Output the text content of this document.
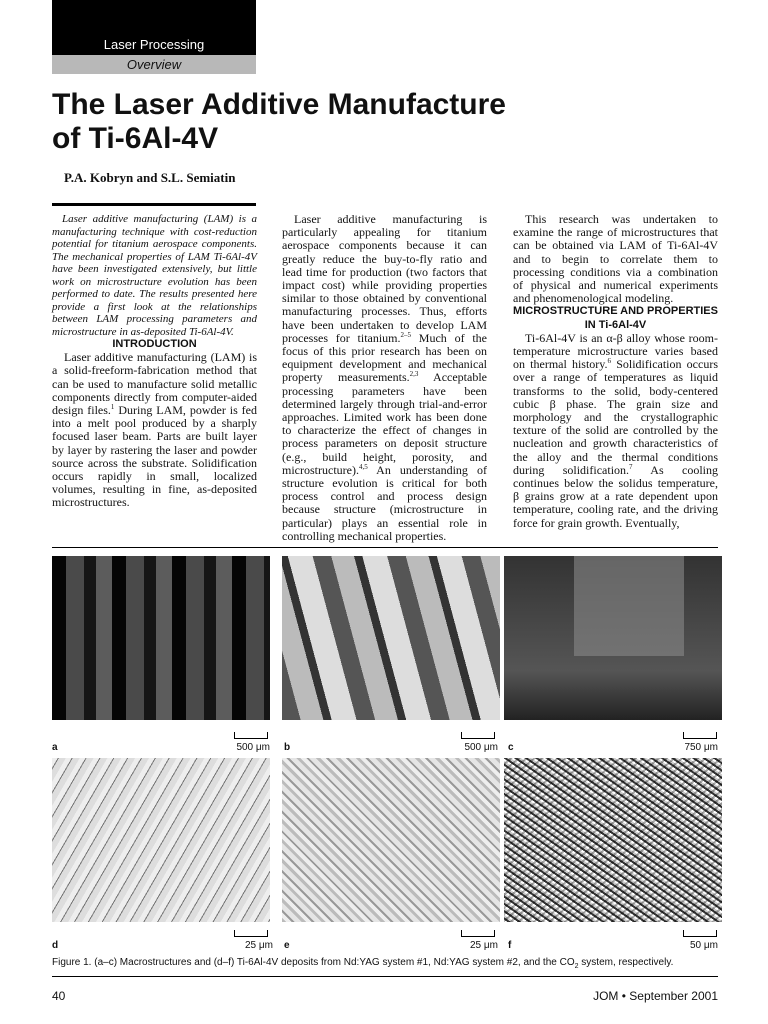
Laser Processing
Overview
The Laser Additive Manufacture
of Ti-6Al-4V
P.A. Kobryn and S.L. Semiatin

Laser additive manufacturing (LAM) is a manufacturing technique with cost-reduction potential for titanium aerospace components. The mechanical properties of LAM Ti-6Al-4V have been investigated extensively, but little work on microstructure evolution has been performed to date. The results presented here provide a first look at the relationships between LAM processing parameters and microstructure in as-deposited Ti-6Al-4V.

INTRODUCTION

Laser additive manufacturing (LAM) is a solid-freeform-fabrication method that can be used to manufacture solid metallic components directly from computer-aided design files.$^1$ During LAM, powder is fed into a melt pool produced by a sharply focused laser beam. Parts are built layer by layer by rastering the laser and powder source across the substrate. Solidification occurs rapidly in small, localized volumes, resulting in fine, as-deposited microstructures.

Laser additive manufacturing is particularly appealing for titanium aerospace components because it can greatly reduce the buy-to-fly ratio and lead time for production (two factors that impact cost) while providing properties similar to those obtained by conventional manufacturing processes. Thus, efforts have been undertaken to develop LAM processes for titanium.$^{2-5}$ Much of the focus of this prior research has been on equipment development and mechanical property measurements.$^{2,3}$ Acceptable processing parameters have been determined largely through trial-and-error approaches. Limited work has been done to characterize the effect of changes in process parameters on deposit structure (e.g., build height, porosity, and microstructure).$^{4,5}$ An understanding of structure evolution is critical for both process control and process design because structure (microstructure in particular) plays an essential role in controlling mechanical properties.

This research was undertaken to examine the range of microstructures that can be obtained via LAM of Ti-6Al-4V and to begin to correlate them to processing conditions via a combination of physical and numerical experiments and phenomenological modeling.

MICROSTRUCTURE AND PROPERTIES IN Ti-6Al-4V

Ti-6Al-4V is an α-β alloy whose room-temperature microstructure varies based on thermal history.$^6$ Solidification occurs over a range of temperatures as liquid transforms to the solid, body-centered cubic β phase. The grain size and morphology and the crystallographic texture of the solid are controlled by the nucleation and growth characteristics of the alloy and the thermal conditions during solidification.$^7$ As cooling continues below the solidus temperature, β grains grow at a rate dependent upon temperature, cooling rate, and the driving force for grain growth. Eventually,

a	500 μm b	500 μm c	750 μm
d	25 μm e	25 μm f	50 μm
Figure 1. (a–c) Macrostructures and (d–f) Ti-6Al-4V deposits from Nd:YAG system #1, Nd:YAG system #2, and the $CO_2$ system, respectively.
40	JOM • September 2001
